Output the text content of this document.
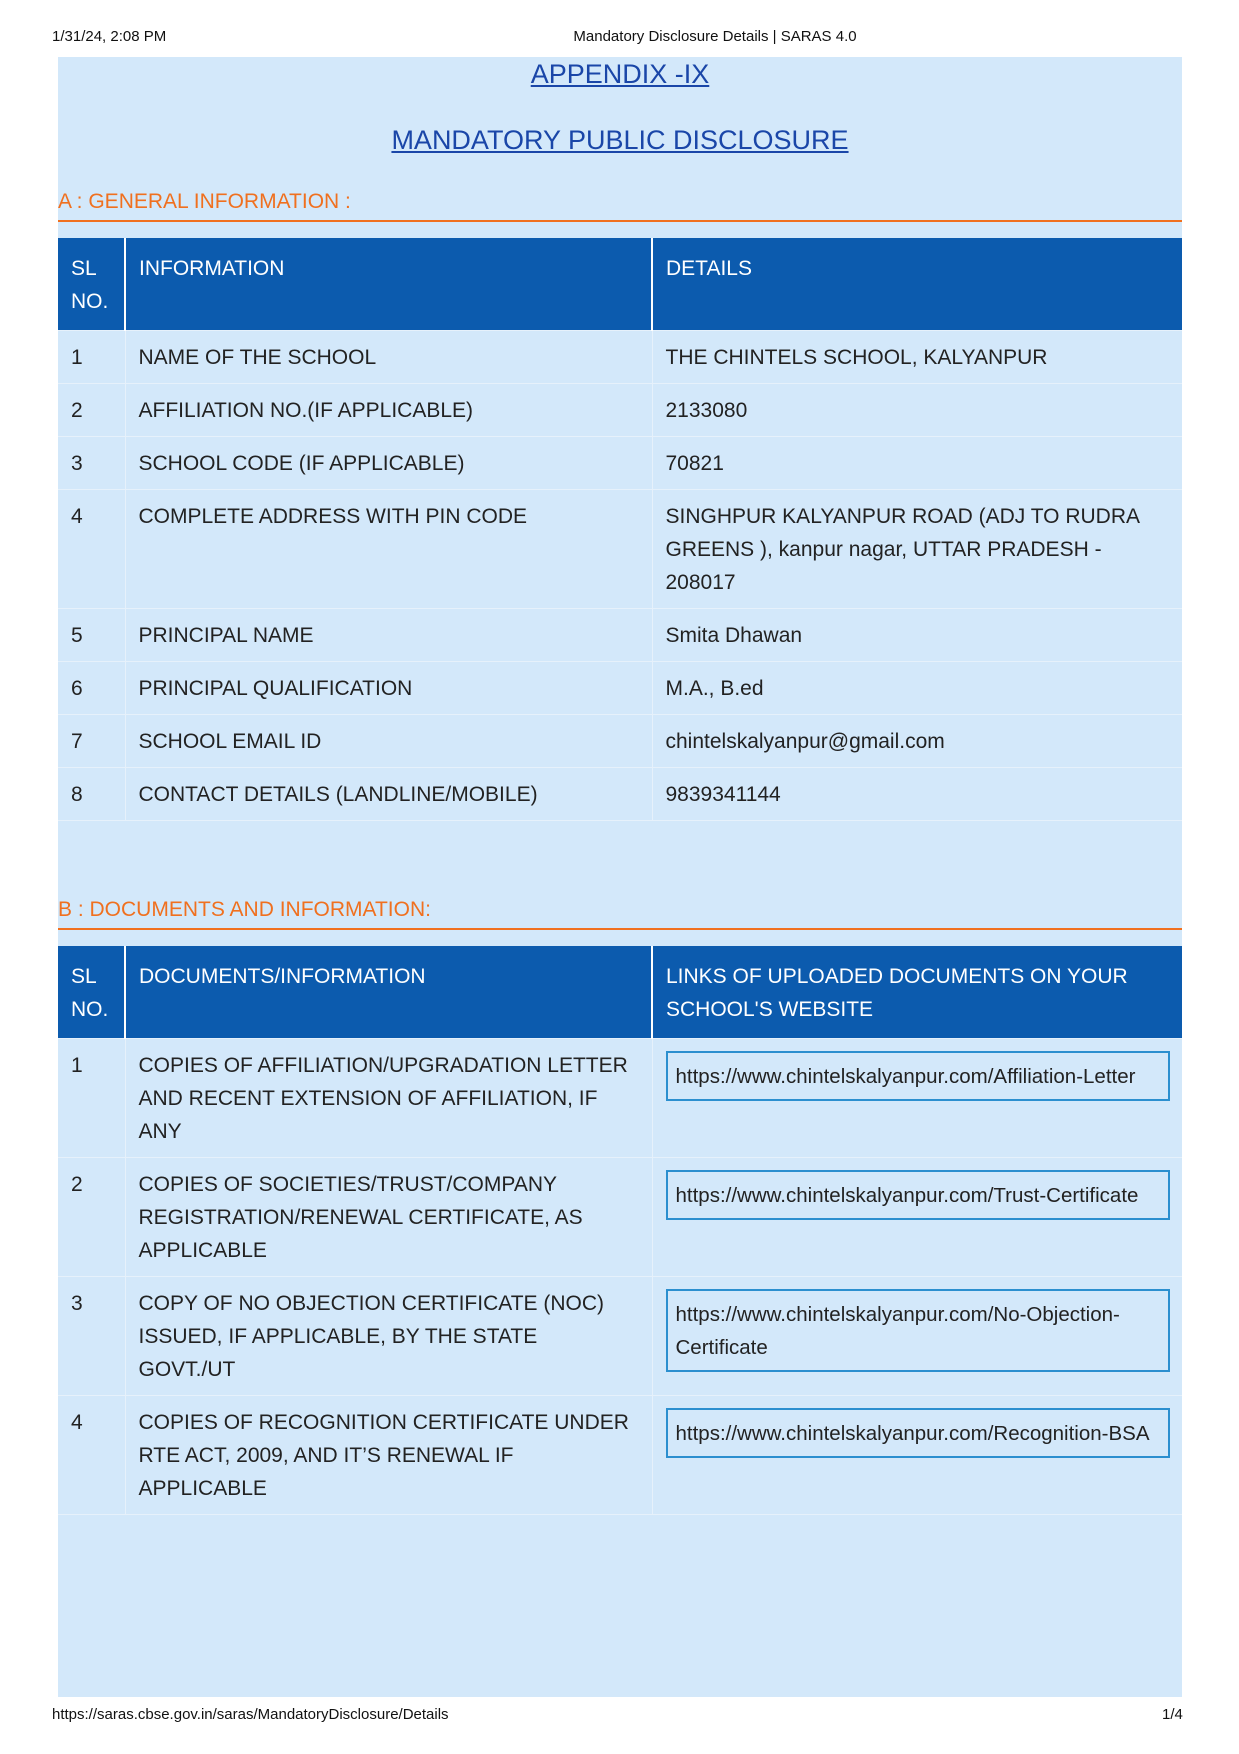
1/31/24, 2:08 PM	Mandatory Disclosure Details | SARAS 4.0
APPENDIX -IX
MANDATORY PUBLIC DISCLOSURE
A : GENERAL INFORMATION :
SL NO.	INFORMATION	DETAILS
1	NAME OF THE SCHOOL	THE CHINTELS SCHOOL, KALYANPUR
2	AFFILIATION NO.(IF APPLICABLE)	2133080
3	SCHOOL CODE (IF APPLICABLE)	70821
4	COMPLETE ADDRESS WITH PIN CODE	SINGHPUR KALYANPUR ROAD (ADJ TO RUDRA GREENS ), kanpur nagar, UTTAR PRADESH - 208017
5	PRINCIPAL NAME	Smita Dhawan
6	PRINCIPAL QUALIFICATION	M.A., B.ed
7	SCHOOL EMAIL ID	chintelskalyanpur@gmail.com
8	CONTACT DETAILS (LANDLINE/MOBILE)	9839341144
B : DOCUMENTS AND INFORMATION:
SL NO.	DOCUMENTS/INFORMATION	LINKS OF UPLOADED DOCUMENTS ON YOUR SCHOOL'S WEBSITE
1	COPIES OF AFFILIATION/UPGRADATION LETTER AND RECENT EXTENSION OF AFFILIATION, IF ANY	https://www.chintelskalyanpur.com/Affiliation-Letter

2	COPIES OF SOCIETIES/TRUST/COMPANY REGISTRATION/RENEWAL CERTIFICATE, AS APPLICABLE	https://www.chintelskalyanpur.com/Trust-Certificate

3	COPY OF NO OBJECTION CERTIFICATE (NOC) ISSUED, IF APPLICABLE, BY THE STATE GOVT./UT	https://www.chintelskalyanpur.com/No-Objection-Certificate

4	COPIES OF RECOGNITION CERTIFICATE UNDER RTE ACT, 2009, AND IT’S RENEWAL IF APPLICABLE	https://www.chintelskalyanpur.com/Recognition-BSA
https://saras.cbse.gov.in/saras/MandatoryDisclosure/Details	1/4
